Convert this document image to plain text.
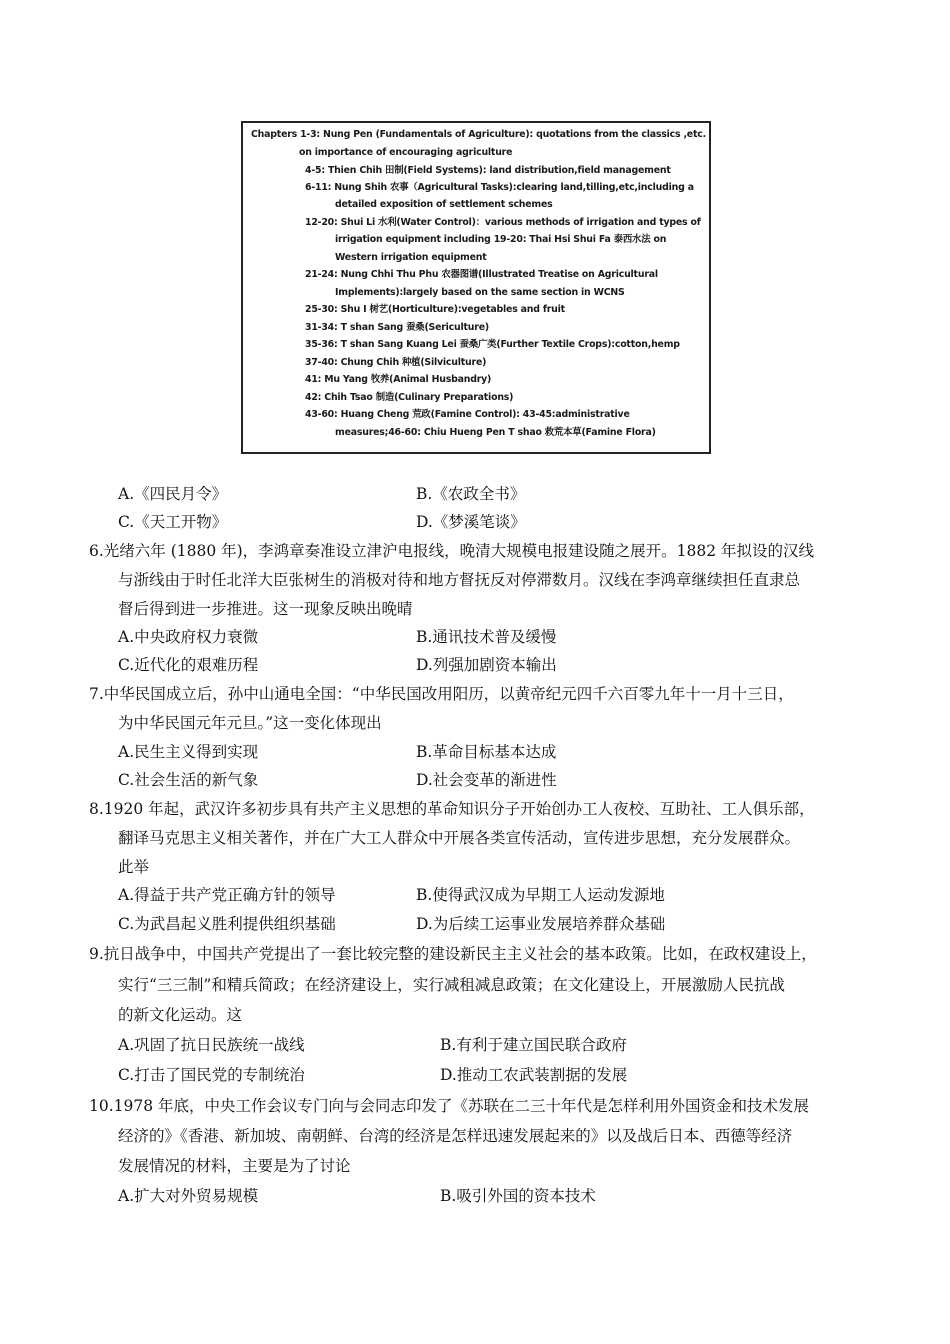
Chapters 1-3: Nung Pen (Fundamentals of Agriculture): quotations from the classics ,etc.
on importance of encouraging agriculture
4-5: Thien Chih 田制(Field Systems): land distribution,field management
6-11: Nung Shih 农事（Agricultural Tasks):clearing land,tilling,etc,including a
detailed exposition of settlement schemes
12-20: Shui Li 水利(Water Control)：various methods of irrigation and types of
irrigation equipment including 19-20: Thai Hsi Shui Fa 泰西水法 on
Western irrigation equipment
21-24: Nung Chhi Thu Phu 农器图谱(Illustrated Treatise on Agricultural
Implements):largely based on the same section in WCNS
25-30: Shu I 树艺(Horticulture):vegetables and fruit
31-34: T shan Sang 蚕桑(Sericulture)
35-36: T shan Sang Kuang Lei 蚕桑广类(Further Textile Crops):cotton,hemp
37-40: Chung Chih 种植(Silviculture)
41: Mu Yang 牧养(Animal Husbandry)
42: Chih Tsao 制造(Culinary Preparations)
43-60: Huang Cheng 荒政(Famine Control): 43-45:administrative
measures;46-60: Chiu Hueng Pen T shao 救荒本草(Famine Flora)
A.《四民月令》	B.《农政全书》
C.《天工开物》	D.《梦溪笔谈》
6.光绪六年 (1880 年)，李鸿章奏准设立津沪电报线，晚清大规模电报建设随之展开。1882 年拟设的汉线
与浙线由于时任北洋大臣张树生的消极对待和地方督抚反对停滞数月。汉线在李鸿章继续担任直隶总
督后得到进一步推进。这一现象反映出晚晴
A.中央政府权力衰微	B.通讯技术普及缓慢
C.近代化的艰难历程	D.列强加剧资本输出
7.中华民国成立后，孙中山通电全国：“中华民国改用阳历，以黄帝纪元四千六百零九年十一月十三日，
为中华民国元年元旦。”这一变化体现出
A.民生主义得到实现	B.革命目标基本达成
C.社会生活的新气象	D.社会变革的渐进性
8.1920 年起，武汉许多初步具有共产主义思想的革命知识分子开始创办工人夜校、互助社、工人俱乐部，
翻译马克思主义相关著作，并在广大工人群众中开展各类宣传活动，宣传进步思想，充分发展群众。
此举
A.得益于共产党正确方针的领导	B.使得武汉成为早期工人运动发源地
C.为武昌起义胜利提供组织基础	D.为后续工运事业发展培养群众基础
9.抗日战争中，中国共产党提出了一套比较完整的建设新民主主义社会的基本政策。比如，在政权建设上，
实行“三三制”和精兵简政；在经济建设上，实行减租减息政策；在文化建设上，开展激励人民抗战
的新文化运动。这
A.巩固了抗日民族统一战线	B.有利于建立国民联合政府
C.打击了国民党的专制统治	D.推动工农武装割据的发展
10.1978 年底，中央工作会议专门向与会同志印发了《苏联在二三十年代是怎样利用外国资金和技术发展
经济的》《香港、新加坡、南朝鲜、台湾的经济是怎样迅速发展起来的》以及战后日本、西德等经济
发展情况的材料，主要是为了讨论
A.扩大对外贸易规模	B.吸引外国的资本技术
